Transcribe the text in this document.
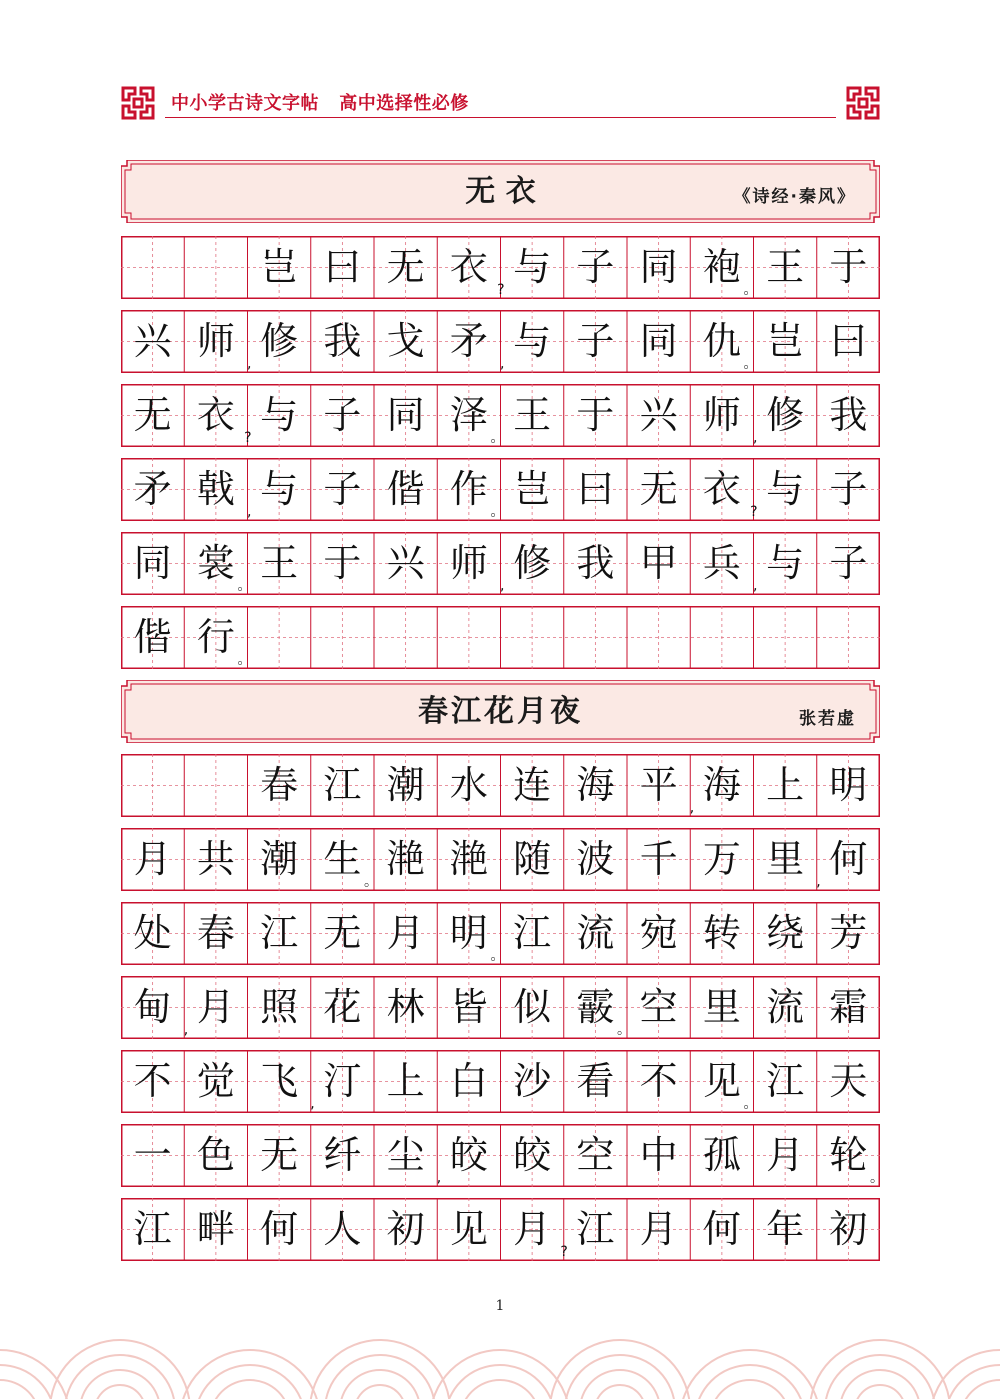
中小学古诗文字帖   高中选择性必修
无 衣	《诗经·秦风》
岂 曰 无 衣
?
与 子 同 袍
。
王 于
兴 师
,
修 我 戈 矛
,
与 子 同 仇
。
岂 曰
无 衣
?
与 子 同 泽
。
王 于 兴 师
,
修 我
矛 戟
,
与 子 偕 作
。
岂 曰 无 衣
?
与 子
同 裳
。
王 于 兴 师
,
修 我 甲 兵
,
与 子
偕 行
。
春江花月夜	张若虚
春 江 潮 水 连 海 平
,
海 上 明
月 共 潮 生
。
滟 滟 随 波 千 万 里
,
何
处 春 江 无 月 明
。
江 流 宛 转 绕 芳
甸
,
月 照 花 林 皆 似 霰
。
空 里 流 霜
不 觉 飞
,
汀 上 白 沙 看 不 见
。
江 天
一 色 无 纤 尘
,
皎 皎 空 中 孤 月 轮
。
江 畔 何 人 初 见 月
?
江 月 何 年 初
1
